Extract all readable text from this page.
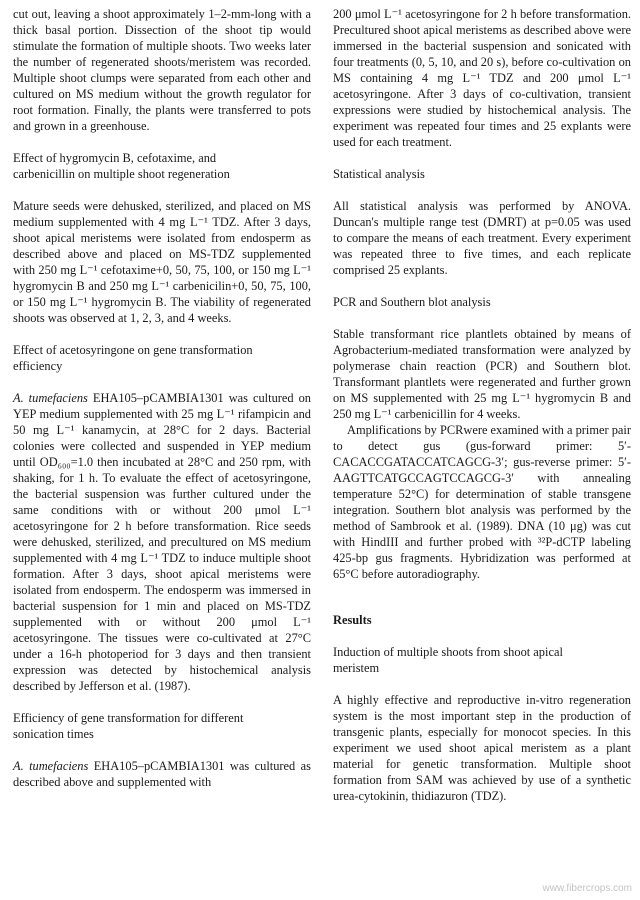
cut out, leaving a shoot approximately 1–2-mm-long with a thick basal portion. Dissection of the shoot tip would stimulate the formation of multiple shoots. Two weeks later the number of regenerated shoots/meristem was recorded. Multiple shoot clumps were separated from each other and cultured on MS medium without the growth regulator for root formation. Finally, the plants were transferred to pots and grown in a greenhouse.

Effect of hygromycin B, cefotaxime, and carbenicillin on multiple shoot regeneration

Mature seeds were dehusked, sterilized, and placed on MS medium supplemented with 4 mg L⁻¹ TDZ. After 3 days, shoot apical meristems were isolated from endosperm as described above and placed on MS-TDZ supplemented with 250 mg L⁻¹ cefotaxime+0, 50, 75, 100, or 150 mg L⁻¹ hygromycin B and 250 mg L⁻¹ carbenicilin+0, 50, 75, 100, or 150 mg L⁻¹ hygromycin B. The viability of regenerated shoots was observed at 1, 2, 3, and 4 weeks.

Effect of acetosyringone on gene transformation efficiency

A. tumefaciens EHA105–pCAMBIA1301 was cultured on YEP medium supplemented with 25 mg L⁻¹ rifampicin and 50 mg L⁻¹ kanamycin, at 28°C for 2 days. Bacterial colonies were collected and suspended in YEP medium until OD₆₀₀=1.0 then incubated at 28°C and 250 rpm, with shaking, for 1 h. To evaluate the effect of acetosyringone, the bacterial suspension was further cultured under the same conditions with or without 200 μmol L⁻¹ acetosyringone for 2 h before transformation. Rice seeds were dehusked, sterilized, and precultured on MS medium supplemented with 4 mg L⁻¹ TDZ to induce multiple shoot formation. After 3 days, shoot apical meristems were isolated from endosperm. The endosperm was immersed in bacterial suspension for 1 min and placed on MS-TDZ supplemented with or without 200 μmol L⁻¹ acetosyringone. The tissues were co-cultivated at 27°C under a 16-h photoperiod for 3 days and then transient expression was detected by histochemical analysis described by Jefferson et al. (1987).

Efficiency of gene transformation for different sonication times

A. tumefaciens EHA105–pCAMBIA1301 was cultured as described above and supplemented with

200 μmol L⁻¹ acetosyringone for 2 h before transformation. Precultured shoot apical meristems as described above were immersed in the bacterial suspension and sonicated with four treatments (0, 5, 10, and 20 s), before co-cultivation on MS containing 4 mg L⁻¹ TDZ and 200 μmol L⁻¹ acetosyringone. After 3 days of co-cultivation, transient expressions were studied by histochemical analysis. The experiment was repeated four times and 25 explants were used for each treatment.

Statistical analysis

All statistical analysis was performed by ANOVA. Duncan's multiple range test (DMRT) at p=0.05 was used to compare the means of each treatment. Every experiment was repeated three to five times, and each replicate comprised 25 explants.

PCR and Southern blot analysis

Stable transformant rice plantlets obtained by means of Agrobacterium-mediated transformation were analyzed by polymerase chain reaction (PCR) and Southern blot. Transformant plantlets were regenerated and further grown on MS supplemented with 25 mg L⁻¹ hygromycin B and 250 mg L⁻¹ carbenicillin for 4 weeks.

Amplifications by PCRwere examined with a primer pair to detect gus (gus-forward primer: 5′-CACACCGATACCATCAGCG-3′; gus-reverse primer: 5′-AAGTTCATGCCAGTCCAGCG-3′ with annealing temperature 52°C) for determination of stable transgene integration. Southern blot analysis was performed by the method of Sambrook et al. (1989). DNA (10 μg) was cut with HindIII and further probed with ³²P-dCTP labeling 425-bp gus fragments. Hybridization was performed at 65°C before autoradiography.

Results
Induction of multiple shoots from shoot apical meristem

A highly effective and reproductive in-vitro regeneration system is the most important step in the production of transgenic plants, especially for monocot species. In this experiment we used shoot apical meristem as a plant material for genetic transformation. Multiple shoot formation from SAM was achieved by use of a synthetic urea-cytokinin, thidiazuron (TDZ).

www.fibercrops.com
